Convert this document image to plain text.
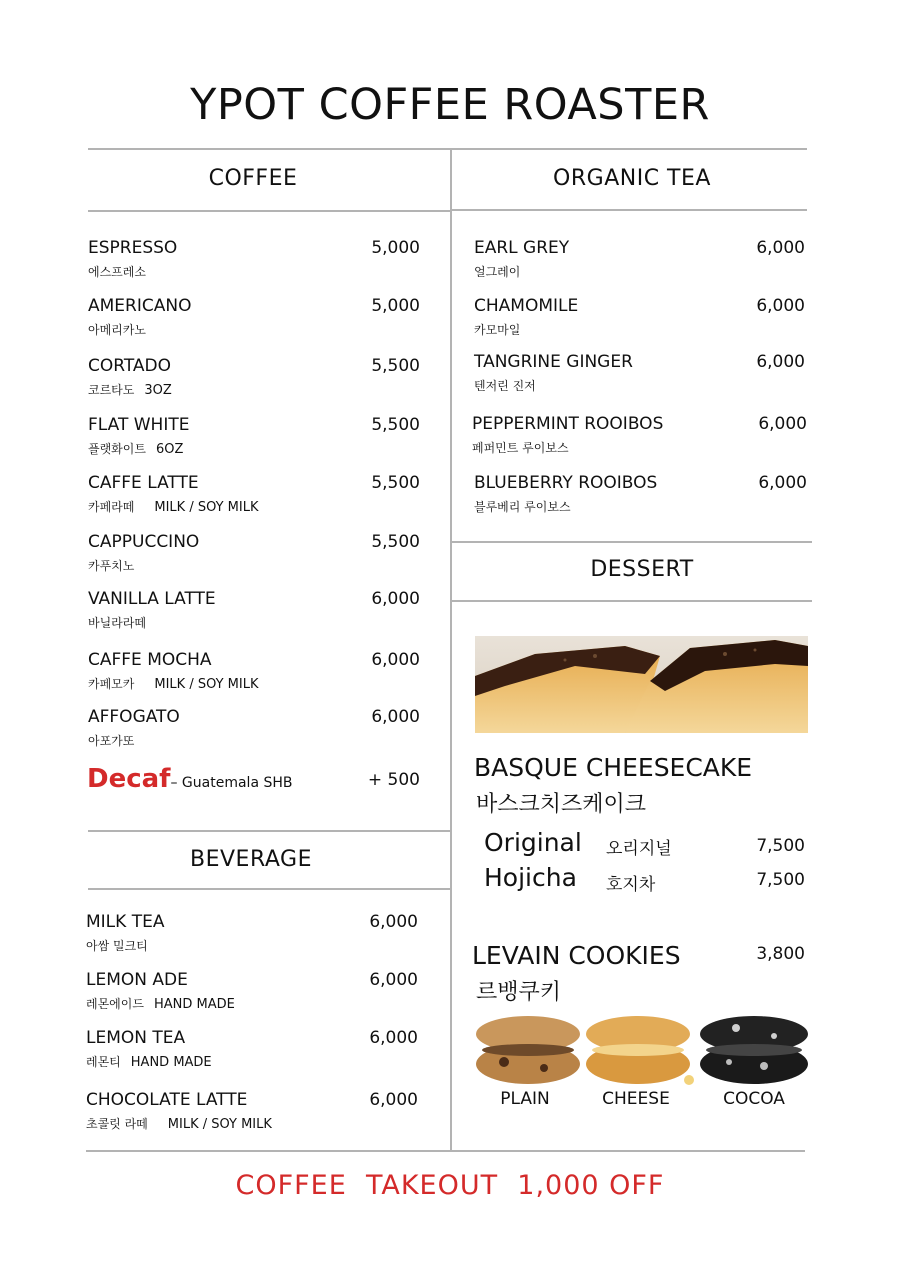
YPOT COFFEE ROASTER
COFFEE	ORGANIC TEA
DESSERT
BEVERAGE
ESPRESSO	5,000
에스프레소
AMERICANO	5,000
아메리카노
CORTADO	5,500
코르타도 3OZ
FLAT WHITE	5,500
플랫화이트 6OZ
CAFFE LATTE	5,500
카페라떼 MILK / SOY MILK
CAPPUCCINO	5,500
카푸치노
VANILLA LATTE	6,000
바닐라라떼
CAFFE MOCHA	6,000
카페모카 MILK / SOY MILK
AFFOGATO	6,000
아포가또
Decaf– Guatemala SHB	+ 500
MILK TEA	6,000
아쌈 밀크티
LEMON ADE	6,000
레몬에이드 HAND MADE
LEMON TEA	6,000
레몬티 HAND MADE
CHOCOLATE LATTE	6,000
초콜릿 라떼 MILK / SOY MILK
EARL GREY	6,000
얼그레이
CHAMOMILE	6,000
카모마일
TANGRINE GINGER	6,000
텐저린 진저
PEPPERMINT ROOIBOS	6,000
페퍼민트 루이보스
BLUEBERRY ROOIBOS	6,000
블루베리 루이보스
BASQUE CHEESECAKE
바스크치즈케이크
Original 오리지널	7,500
Hojicha 호지차	7,500
LEVAIN COOKIES	3,800
르뱅쿠키
PLAIN	CHEESE	COCOA
COFFEE  TAKEOUT  1,000 OFF
